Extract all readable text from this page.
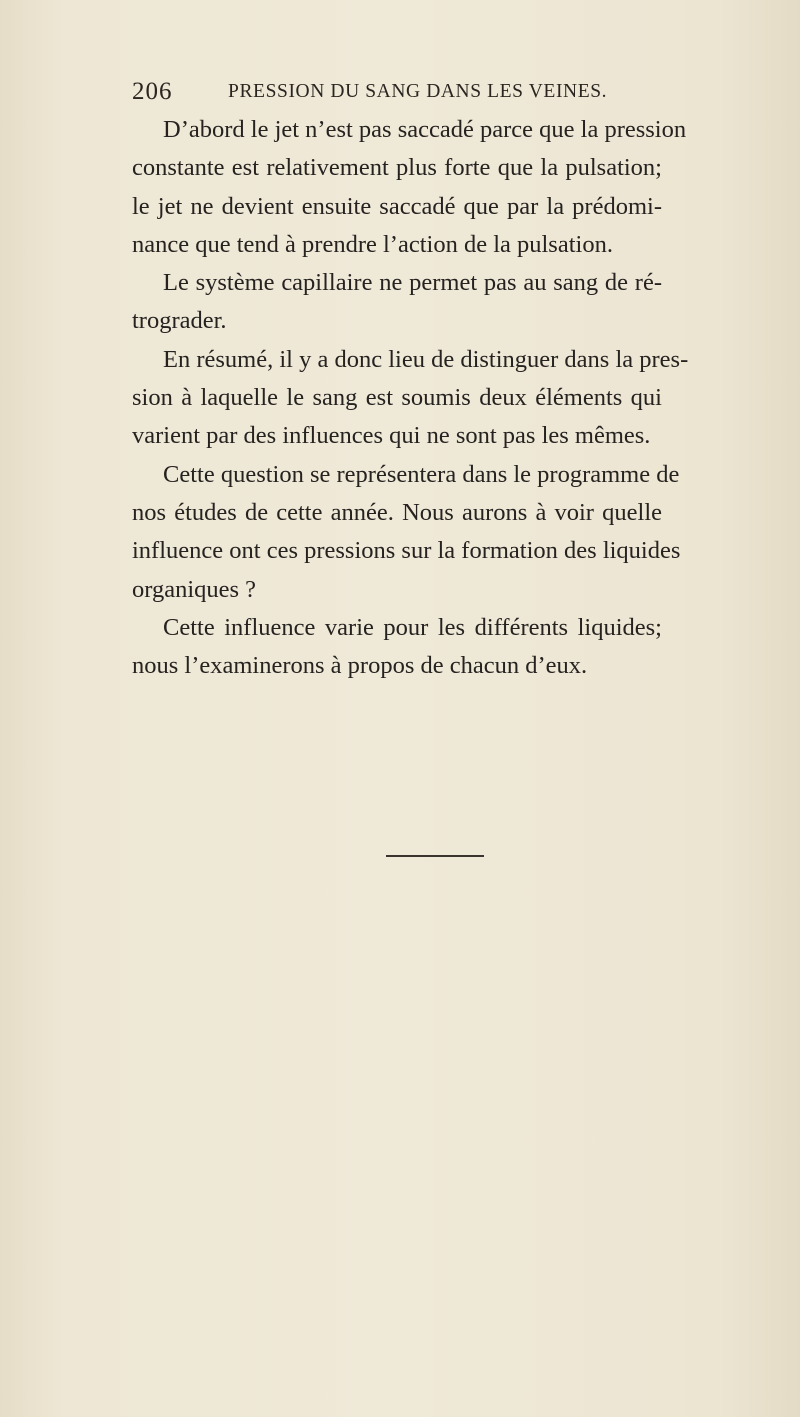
206	PRESSION DU SANG DANS LES VEINES.
D’abord le jet n’est pas saccadé parce que la pression
constante est relativement plus forte que la pulsation;
le jet ne devient ensuite saccadé que par la prédomi-
nance que tend à prendre l’action de la pulsation.
Le système capillaire ne permet pas au sang de ré-
trograder.
En résumé, il y a donc lieu de distinguer dans la pres-
sion à laquelle le sang est soumis deux éléments qui
varient par des influences qui ne sont pas les mêmes.
Cette question se représentera dans le programme de
nos études de cette année. Nous aurons à voir quelle
influence ont ces pressions sur la formation des liquides
organiques ?
Cette influence varie pour les différents liquides;
nous l’examinerons à propos de chacun d’eux.
